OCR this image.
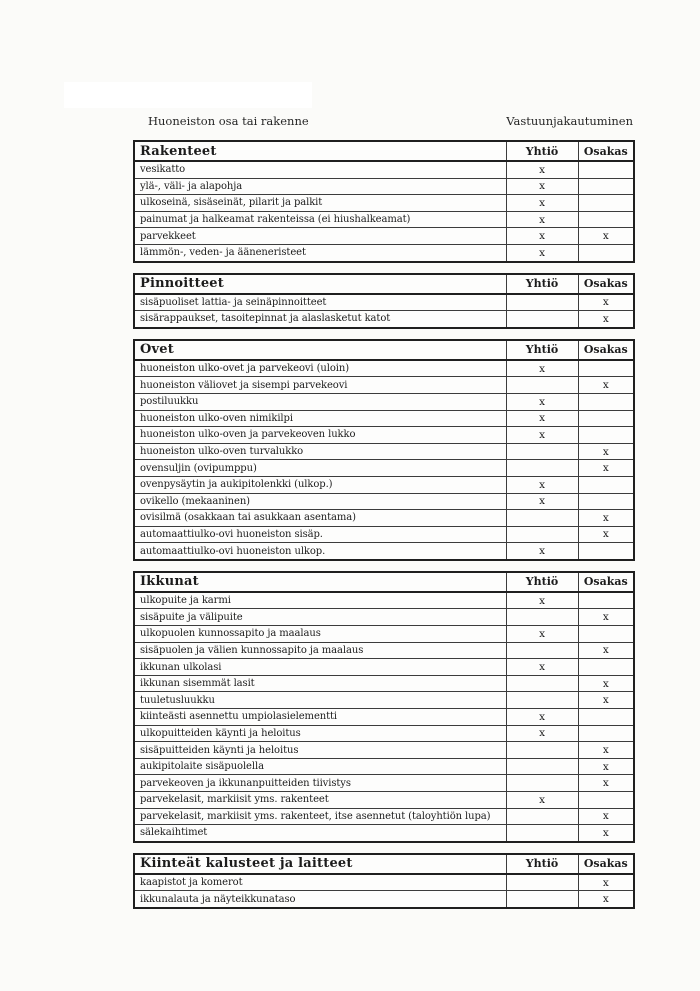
Huoneiston osa tai rakenne	Vastuunjakautuminen
Rakenteet	Yhtiö	Osakas
vesikatto	x	
ylä-, väli- ja alapohja	x	
ulkoseinä, sisäseinät, pilarit ja palkit	x	
painumat ja halkeamat rakenteissa (ei hiushalkeamat)	x	
parvekkeet	x	x
lämmön-, veden- ja ääneneristeet	x	
Pinnoitteet	Yhtiö	Osakas
sisäpuoliset lattia- ja seinäpinnoitteet		x
sisärappaukset, tasoitepinnat ja alaslasketut katot		x
Ovet	Yhtiö	Osakas
huoneiston ulko-ovet ja parvekeovi (uloin)	x	
huoneiston väliovet ja sisempi parvekeovi		x
postiluukku	x	
huoneiston ulko-oven nimikilpi	x	
huoneiston ulko-oven ja parvekeoven lukko	x	
huoneiston ulko-oven turvalukko		x
ovensuljin (ovipumppu)		x
ovenpysäytin ja aukipitolenkki (ulkop.)	x	
ovikello (mekaaninen)	x	
ovisilmä (osakkaan tai asukkaan asentama)		x
automaattiulko-ovi huoneiston sisäp.		x
automaattiulko-ovi huoneiston ulkop.	x	
Ikkunat	Yhtiö	Osakas
ulkopuite ja karmi	x	
sisäpuite ja välipuite		x
ulkopuolen kunnossapito ja maalaus	x	
sisäpuolen ja välien kunnossapito ja maalaus		x
ikkunan ulkolasi	x	
ikkunan sisemmät lasit		x
tuuletusluukku		x
kiinteästi asennettu umpiolasielementti	x	
ulkopuitteiden käynti ja heloitus	x	
sisäpuitteiden käynti ja heloitus		x
aukipitolaite sisäpuolella		x
parvekeoven ja ikkunanpuitteiden tiivistys		x
parvekelasit, markiisit yms. rakenteet	x	
parvekelasit, markiisit yms. rakenteet, itse asennetut (taloyhtiön lupa)		x
sälekaihtimet		x
Kiinteät kalusteet ja laitteet	Yhtiö	Osakas
kaapistot ja komerot		x
ikkunalauta ja näyteikkunataso		x
